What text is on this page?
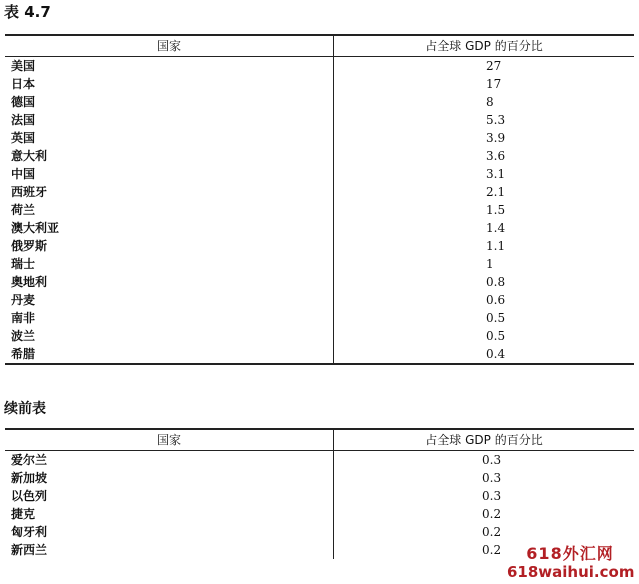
表 4.7
国家	占全球 GDP 的百分比
美国	27
日本	17
德国	8
法国	5.3
英国	3.9
意大利	3.6
中国	3.1
西班牙	2.1
荷兰	1.5
澳大利亚	1.4
俄罗斯	1.1
瑞士	1
奥地利	0.8
丹麦	0.6
南非	0.5
波兰	0.5
希腊	0.4
续前表
国家	占全球 GDP 的百分比
爱尔兰	0.3
新加坡	0.3
以色列	0.3
捷克	0.2
匈牙利	0.2
新西兰	0.2	618外汇网
618waihui.com
